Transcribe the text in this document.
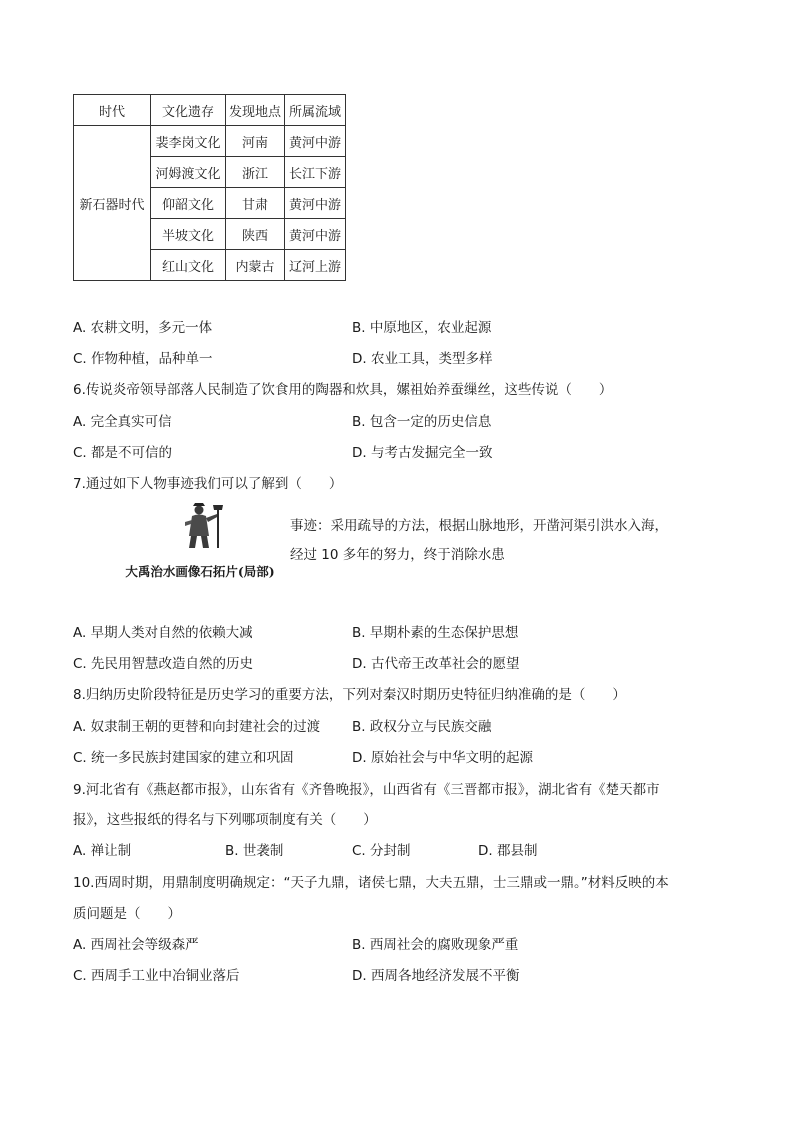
时代	文化遗存	发现地点	所属流域
新石器时代	裴李岗文化	河南	黄河中游
	河姆渡文化	浙江	长江下游
	仰韶文化	甘肃	黄河中游
	半坡文化	陕西	黄河中游
	红山文化	内蒙古	辽河上游
A. 农耕文明，多元一体	B. 中原地区，农业起源
C. 作物种植，品种单一	D. 农业工具，类型多样
6.传说炎帝领导部落人民制造了饮食用的陶器和炊具，嫘祖始养蚕缫丝，这些传说（　　）
A. 完全真实可信	B. 包含一定的历史信息
C. 都是不可信的	D. 与考古发掘完全一致
7.通过如下人物事迹我们可以了解到（　　）
大禹治水画像石拓片(局部)
事迹：采用疏导的方法，根据山脉地形，开凿河渠引洪水入海，
经过 10 多年的努力，终于消除水患
A. 早期人类对自然的依赖大减	B. 早期朴素的生态保护思想
C. 先民用智慧改造自然的历史	D. 古代帝王改革社会的愿望
8.归纳历史阶段特征是历史学习的重要方法，下列对秦汉时期历史特征归纳准确的是（　　）
A. 奴隶制王朝的更替和向封建社会的过渡 B. 政权分立与民族交融
C. 统一多民族封建国家的建立和巩固	D. 原始社会与中华文明的起源
9.河北省有《燕赵都市报》，山东省有《齐鲁晚报》，山西省有《三晋都市报》，湖北省有《楚天都市
报》，这些报纸的得名与下列哪项制度有关（　　）
A. 禅让制	B. 世袭制	C. 分封制	D. 郡县制
10.西周时期，用鼎制度明确规定：“天子九鼎，诸侯七鼎，大夫五鼎，士三鼎或一鼎。”材料反映的本
质问题是（　　）
A. 西周社会等级森严	B. 西周社会的腐败现象严重
C. 西周手工业中冶铜业落后	D. 西周各地经济发展不平衡
